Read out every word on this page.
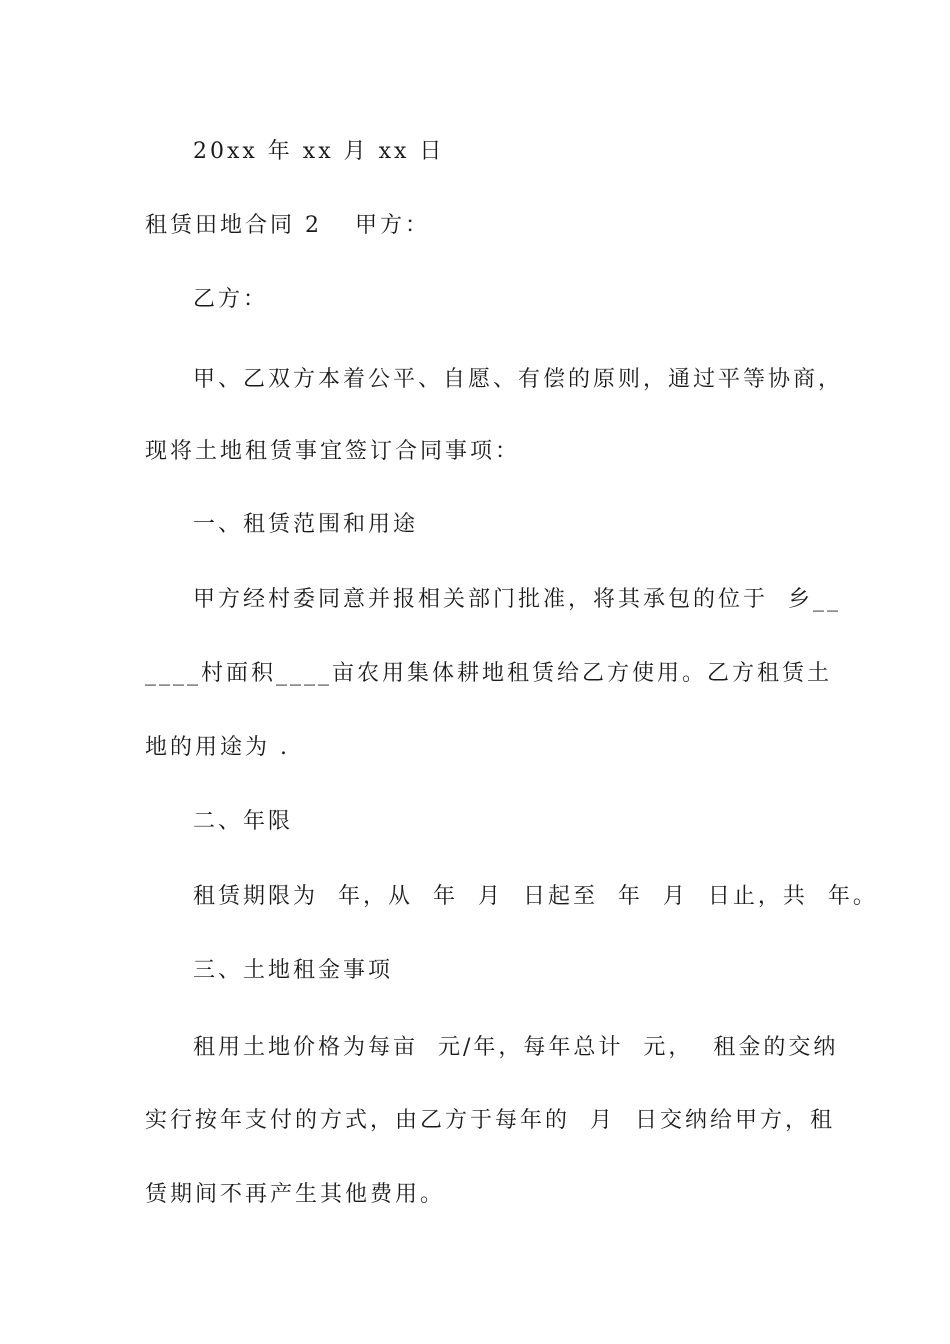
20xx 年 xx 月 xx 日
租赁田地合同 2 甲方：
乙方：
甲、乙双方本着公平、自愿、有偿的原则，通过平等协商，
现将土地租赁事宜签订合同事项：
一、租赁范围和用途
甲方经村委同意并报相关部门批准，将其承包的位于  乡__
____村面积____亩农用集体耕地租赁给乙方使用。乙方租赁土
地的用途为 .
二、年限
租赁期限为  年，从  年  月  日起至  年  月  日止，共  年。
三、土地租金事项
租用土地价格为每亩  元/年，每年总计  元，  租金的交纳
实行按年支付的方式，由乙方于每年的  月  日交纳给甲方，租
赁期间不再产生其他费用。
